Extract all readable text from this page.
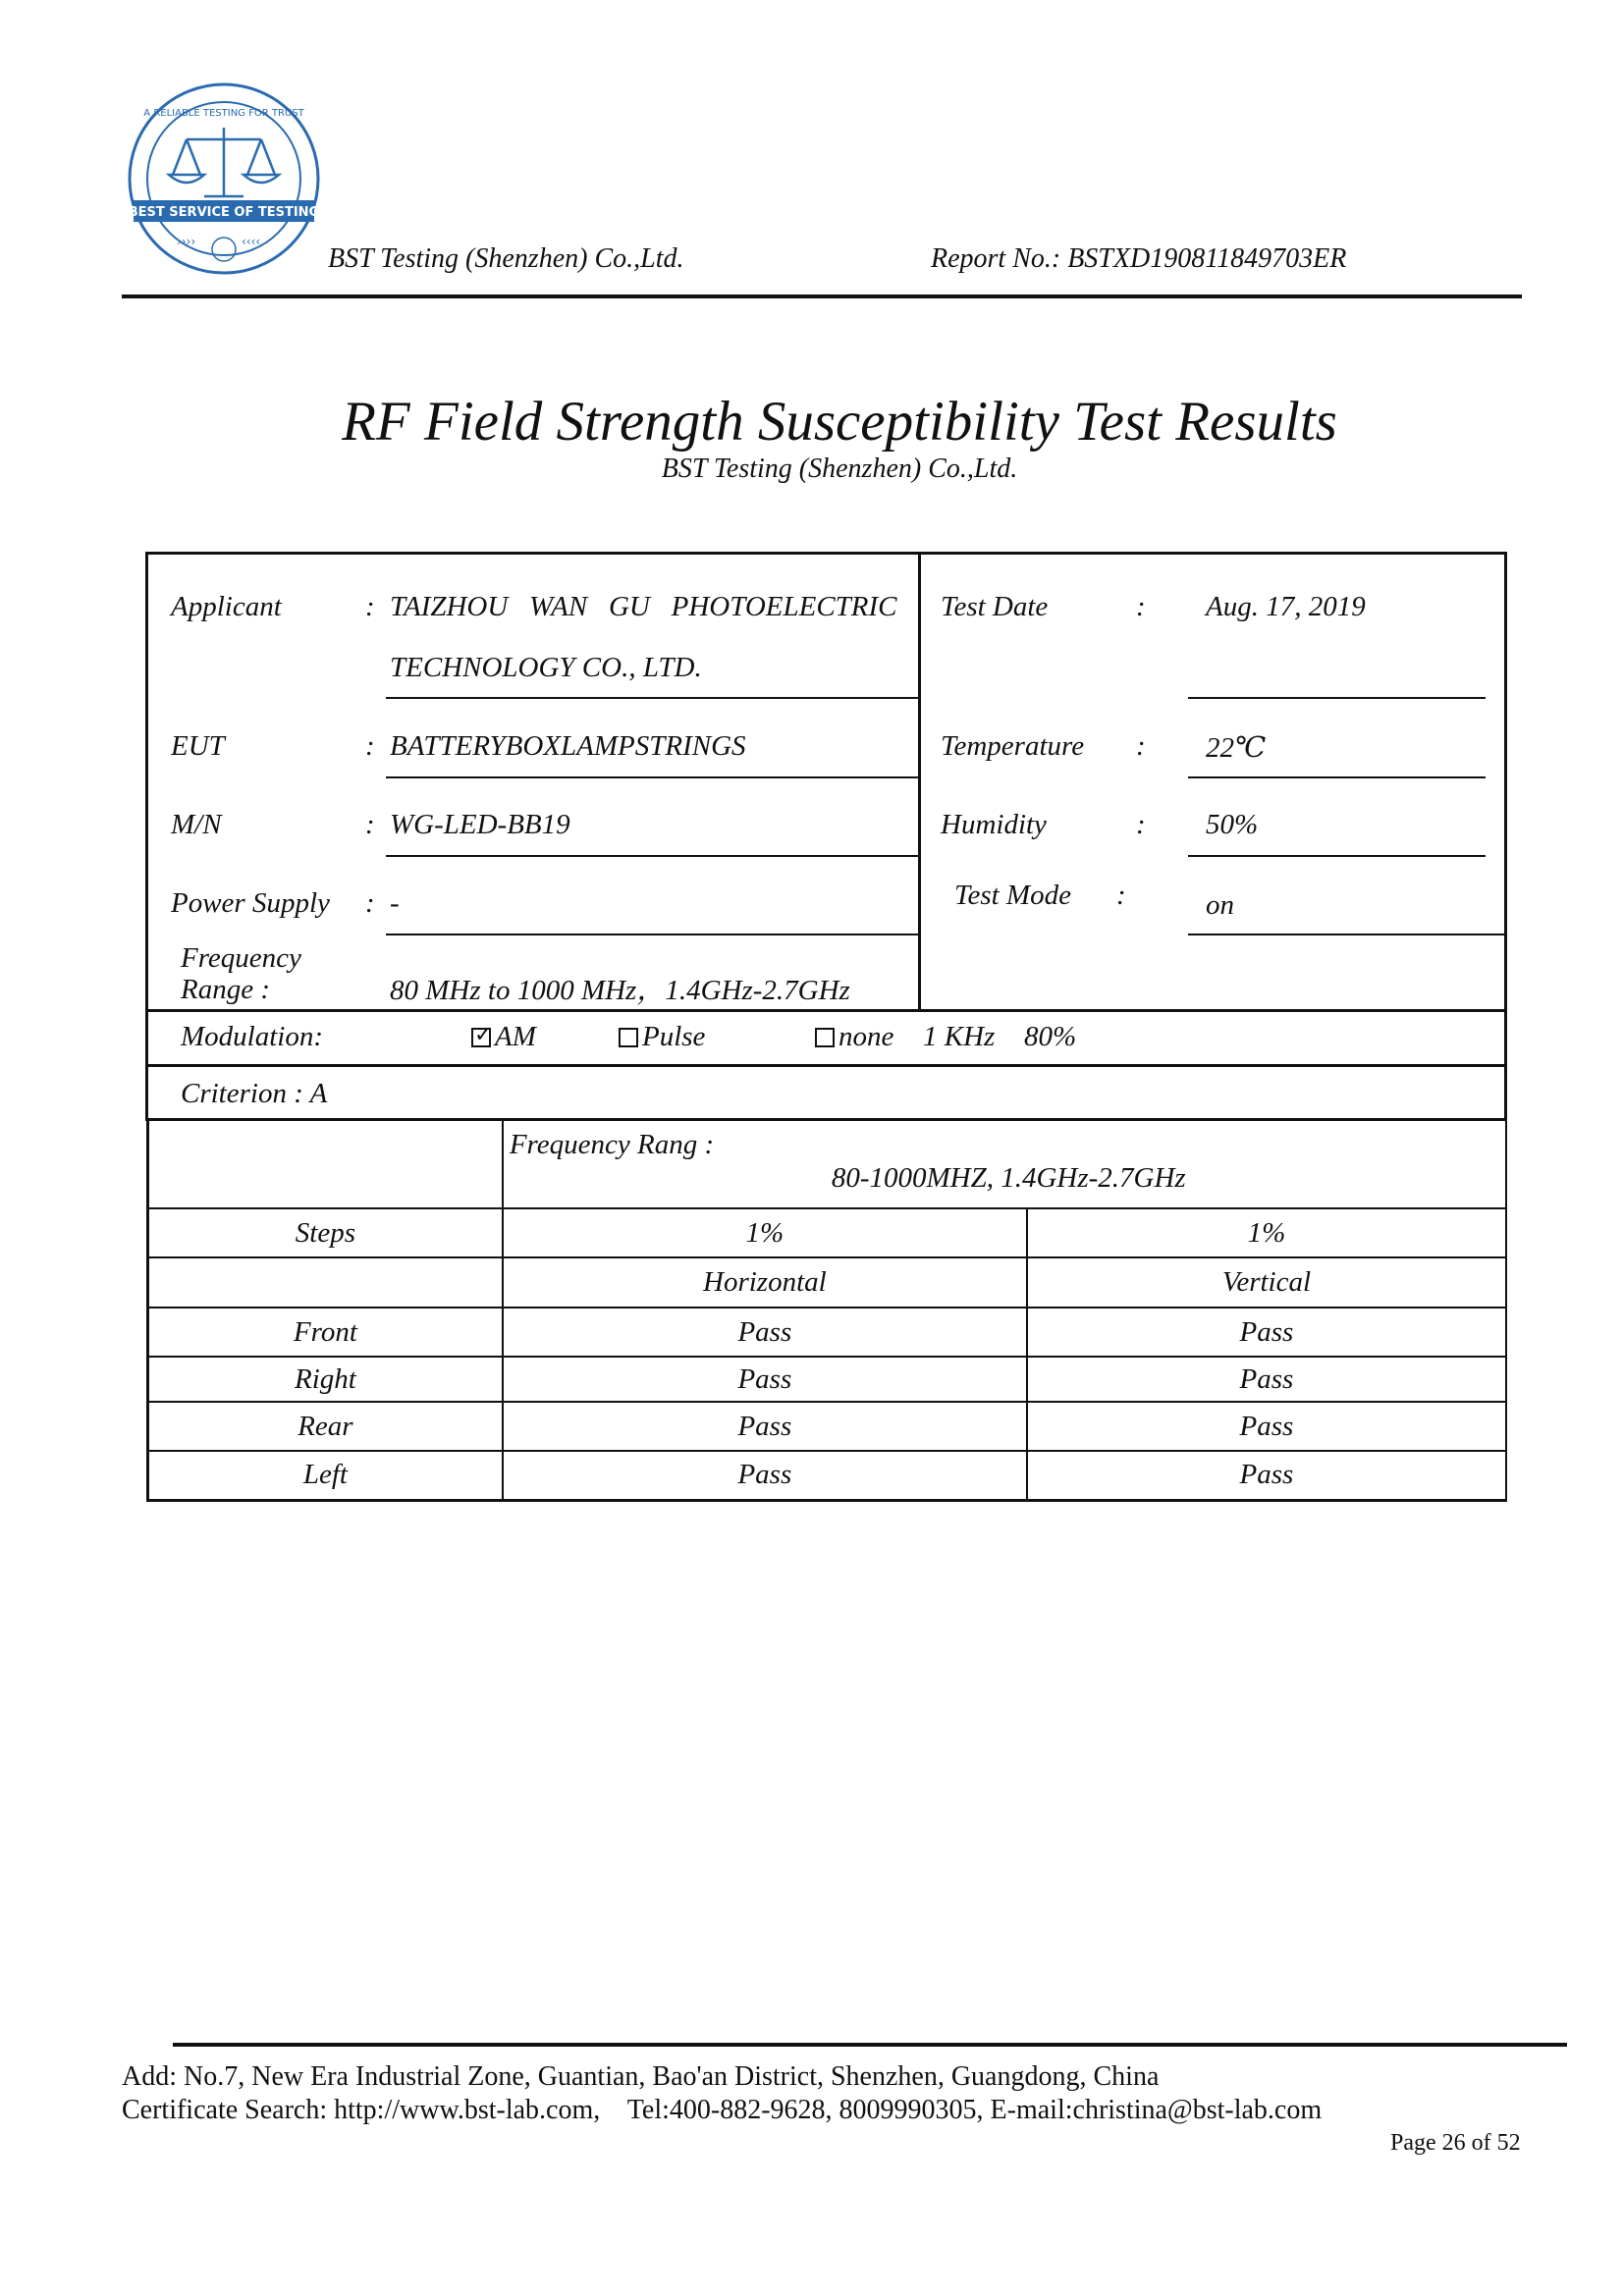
BEST SERVICE OF TESTING
A RELIABLE TESTING FOR TRUST
››››	‹‹‹‹
BST Testing (Shenzhen) Co.,Ltd.	Report No.: BSTXD190811849703ER
RF Field Strength Susceptibility Test Results
BST Testing (Shenzhen) Co.,Ltd.
Applicant	: TAIZHOU   WAN   GU   PHOTOELECTRIC
TECHNOLOGY CO., LTD.
Test Date	: Aug. 17, 2019
EUT	: BATTERYBOXLAMPSTRINGS	Temperature : 22℃
M/N	: WG-LED-BB19	Humidity	: 50%
Power Supply : -	Test Mode :	on
Frequency
Range :	80 MHz to 1000 MHz，1.4GHz-2.7GHz
Modulation: ✓	AM	Pulse	none 1 KHz 80%
Criterion : A

	Frequency Rang :
80-1000MHZ, 1.4GHz-2.7GHz	

Steps	1%	1%
	Horizontal	Vertical
Front	Pass	Pass
Right	Pass	Pass
Rear	Pass	Pass
Left	Pass	Pass
Add: No.7, New Era Industrial Zone, Guantian, Bao'an District, Shenzhen, Guangdong, China
Certificate Search: http://www.bst-lab.com,    Tel:400-882-9628, 8009990305, E-mail:christina@bst-lab.com
Page 26 of 52
